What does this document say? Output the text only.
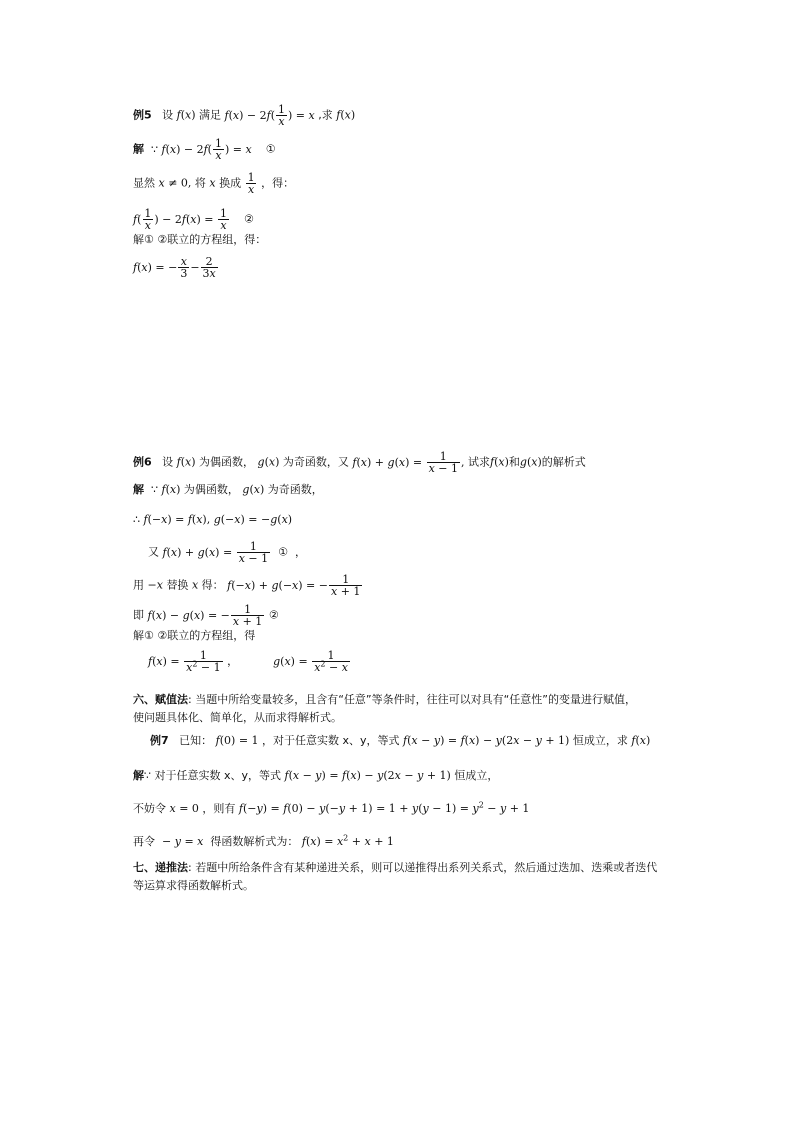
例5 设 f(x) 满足 $f(x) - 2f( \frac{1}{x}$ ) = x ,求 f(x)
解 ∵ $f(x) - 2f( \frac{1}{x}$ ) = x ①
显然 x ≠ 0, 将 x 换成 $\frac{1}{x}$ ，得：
$f( \frac{1}{x}$ ) − $2f(x) = \frac{1}{x}$ ②
解① ②联立的方程组，得：
f(x) = − $\frac{x}{3} - \frac{2}{3x}$
例6 设 f(x) 为偶函数， g(x) 为奇函数，又 $f(x) + g(x) = \frac{1}{x - 1}$ , 试求f(x)和g(x)的解析式
解 ∵ f(x) 为偶函数， g(x) 为奇函数，
∴ f(−x) = f(x), g(−x) = −g(x)
又 $f(x) + g(x) = \frac{1}{x - 1}$ ① ，
用 −x 替换 x 得： f(−x) + g(−x) = − $\frac{1}{x + 1}$
即 f(x) − g(x) = − $\frac{1}{x + 1}$ ②
解① ②联立的方程组，得
$f(x) = \frac{1}{x^2 - 1}$ ，	$g(x) = \frac{1}{x^2 - x}$
六、赋值法: 当题中所给变量较多，且含有“任意”等条件时，往往可以对具有“任意性”的变量进行赋值，
使问题具体化、简单化，从而求得解析式。
例7 已知： f(0) = 1 ，对于任意实数 x、y，等式 f(x − y) = f(x) − y(2x − y + 1) 恒成立，求 f(x)
解∵ 对于任意实数 x、y，等式 f(x − y) = f(x) − y(2x − y + 1) 恒成立，
不妨令 x = 0 ，则有 $f(-y) = f(0) - y(-y + 1) = 1 + y(y - 1) = y^2 - y + 1$
再令 − y = x 得函数解析式为： $f(x) = x^2 + x + 1$
七、递推法: 若题中所给条件含有某种递进关系，则可以递推得出系列关系式，然后通过迭加、迭乘或者迭代
等运算求得函数解析式。
